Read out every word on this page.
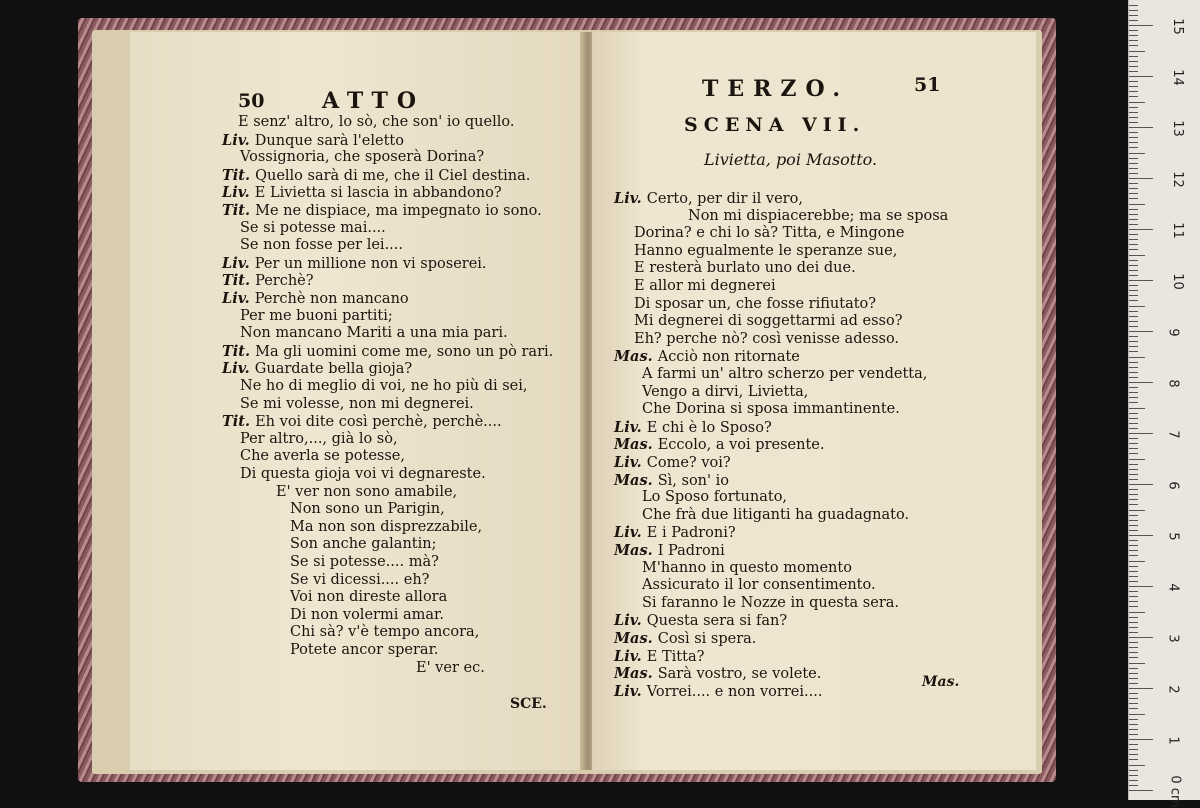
50	ATTO
E senz' altro, lo sò, che son' io quello.
Liv. Dunque sarà l'eletto
Vossignoria, che sposerà Dorina?
Tit. Quello sarà di me, che il Ciel destina.
Liv. E Livietta si lascia in abbandono?
Tit. Me ne dispiace, ma impegnato io sono.
Se si potesse mai....
Se non fosse per lei....
Liv. Per un millione non vi sposerei.
Tit. Perchè?
Liv. Perchè non mancano
Per me buoni partiti;
Non mancano Mariti a una mia pari.
Tit. Ma gli uomini come me, sono un pò rari.
Liv. Guardate bella gioja?
Ne ho di meglio di voi, ne ho più di sei,
Se mi volesse, non mi degnerei.
Tit. Eh voi dite così perchè, perchè....
Per altro,..., già lo sò,
Che averla se potesse,
Di questa gioja voi vi degnareste.
E' ver non sono amabile,
Non sono un Parigin,
Ma non son disprezzabile,
Son anche galantin;
Se si potesse.... mà?
Se vi dicessi.... eh?
Voi non direste allora
Di non volermi amar.
Chi sà? v'è tempo ancora,
Potete ancor sperar.
E' ver ec.
SCE.
TERZO.	51
SCENA VII.
Livietta, poi Masotto.
Liv. Certo, per dir il vero,
Non mi dispiacerebbe; ma se sposa
Dorina? e chi lo sà? Titta, e Mingone
Hanno egualmente le speranze sue,
E resterà burlato uno dei due.
E allor mi degnerei
Di sposar un, che fosse rifiutato?
Mi degnerei di soggettarmi ad esso?
Eh? perche nò? così venisse adesso.
Mas. Acciò non ritornate
A farmi un' altro scherzo per vendetta,
Vengo a dirvi, Livietta,
Che Dorina si sposa immantinente.
Liv. E chi è lo Sposo?
Mas. Eccolo, a voi presente.
Liv. Come? voi?
Mas. Sì, son' io
Lo Sposo fortunato,
Che frà due litiganti ha guadagnato.
Liv. E i Padroni?
Mas. I Padroni
M'hanno in questo momento
Assicurato il lor consentimento.
Si faranno le Nozze in questa sera.
Liv. Questa sera si fan?
Mas. Così si spera.
Liv. E Titta?
Mas. Sarà vostro, se volete.
Liv. Vorrei.... e non vorrei....
Mas.
15
14
13
12
11
10
9
8
7
6
5
4
3
2
1
0 cm
